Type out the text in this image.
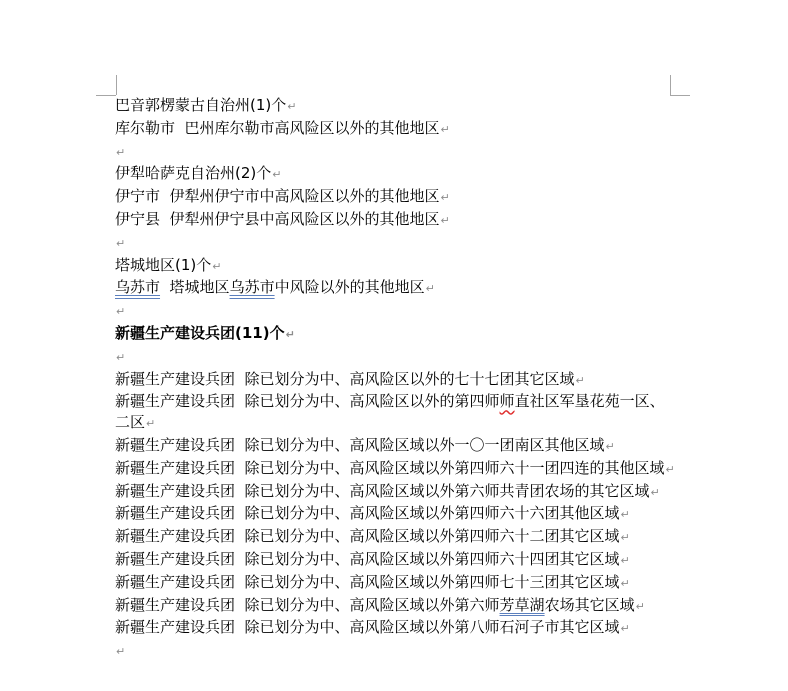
巴音郭楞蒙古自治州(1)个↵

库尔勒市  巴州库尔勒市高风险区以外的其他地区↵

↵

伊犁哈萨克自治州(2)个↵

伊宁市  伊犁州伊宁市中高风险区以外的其他地区↵

伊宁县  伊犁州伊宁县中高风险区以外的其他地区↵

↵

塔城地区(1)个↵

乌苏市  塔城地区乌苏市中风险以外的其他地区↵

↵

新疆生产建设兵团(11)个↵

↵

新疆生产建设兵团  除已划分为中、高风险区以外的七十七团其它区域↵

新疆生产建设兵团  除已划分为中、高风险区以外的第四师师直社区军垦花苑一区、二区↵

新疆生产建设兵团  除已划分为中、高风险区域以外一〇一团南区其他区域↵

新疆生产建设兵团  除已划分为中、高风险区域以外第四师六十一团四连的其他区域↵

新疆生产建设兵团  除已划分为中、高风险区域以外第六师共青团农场的其它区域↵

新疆生产建设兵团  除已划分为中、高风险区域以外第四师六十六团其他区域↵

新疆生产建设兵团  除已划分为中、高风险区域以外第四师六十二团其它区域↵

新疆生产建设兵团  除已划分为中、高风险区域以外第四师六十四团其它区域↵

新疆生产建设兵团  除已划分为中、高风险区域以外第四师七十三团其它区域↵

新疆生产建设兵团  除已划分为中、高风险区域以外第六师芳草湖农场其它区域↵

新疆生产建设兵团  除已划分为中、高风险区域以外第八师石河子市其它区域↵

↵
